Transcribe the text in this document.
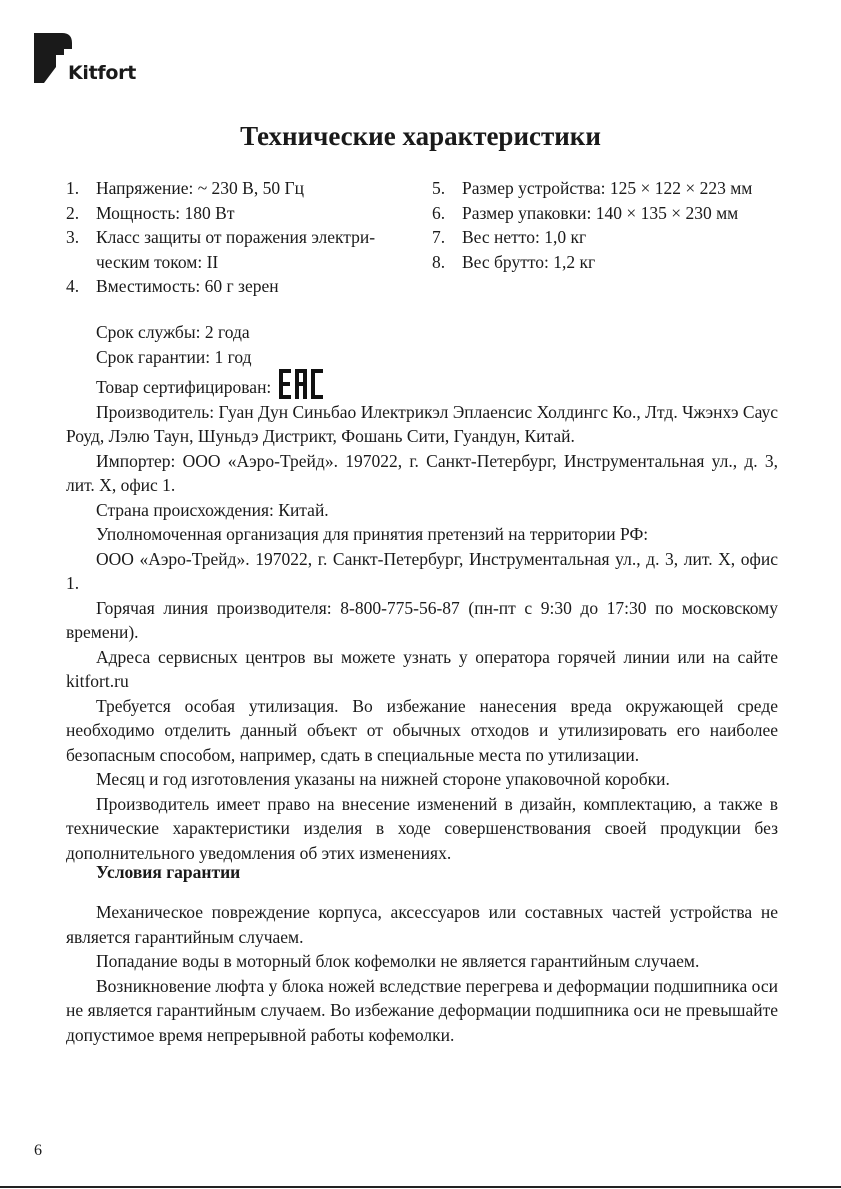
Kitfort
Технические характеристики
1. Напряжение: ~ 230 В, 50 Гц
2. Мощность: 180 Вт
3. Класс защиты от поражения электри-ческим током: II
4. Вместимость: 60 г зерен
5. Размер устройства: 125 × 122 × 223 мм
6. Размер упаковки: 140 × 135 × 230 мм
7. Вес нетто: 1,0 кг
8. Вес брутто: 1,2 кг

Срок службы: 2 года

Срок гарантии: 1 год

Товар сертифицирован:

Производитель: Гуан Дун Синьбао Илектрикэл Эплаенсис Холдингс Ко., Лтд. Чжэнхэ Саус Роуд, Лэлю Таун, Шуньдэ Дистрикт, Фошань Сити, Гуандун, Китай.

Импортер: ООО «Аэро-Трейд». 197022, г. Санкт-Петербург, Инструментальная ул., д. 3, лит. Х, офис 1.

Страна происхождения: Китай.

Уполномоченная организация для принятия претензий на территории РФ:

ООО «Аэро-Трейд». 197022, г. Санкт-Петербург, Инструментальная ул., д. 3, лит. Х, офис 1.

Горячая линия производителя: 8-800-775-56-87 (пн-пт с 9:30 до 17:30 по московскому времени).

Адреса сервисных центров вы можете узнать у оператора горячей линии или на сайте kitfort.ru

Требуется особая утилизация. Во избежание нанесения вреда окружающей среде необходимо отделить данный объект от обычных отходов и утилизировать его наиболее безопасным способом, например, сдать в специальные места по утилизации.

Месяц и год изготовления указаны на нижней стороне упаковочной коробки.

Производитель имеет право на внесение изменений в дизайн, комплектацию, а также в технические характеристики изделия в ходе совершенствования своей продукции без дополнительного уведомления об этих изменениях.

Условия гарантии

Механическое повреждение корпуса, аксессуаров или составных частей устройства не является гарантийным случаем.

Попадание воды в моторный блок кофемолки не является гарантийным случаем.

Возникновение люфта у блока ножей вследствие перегрева и деформации подшипника оси не является гарантийным случаем. Во избежание деформации подшипника оси не превышайте допустимое время непрерывной работы кофемолки.

6
